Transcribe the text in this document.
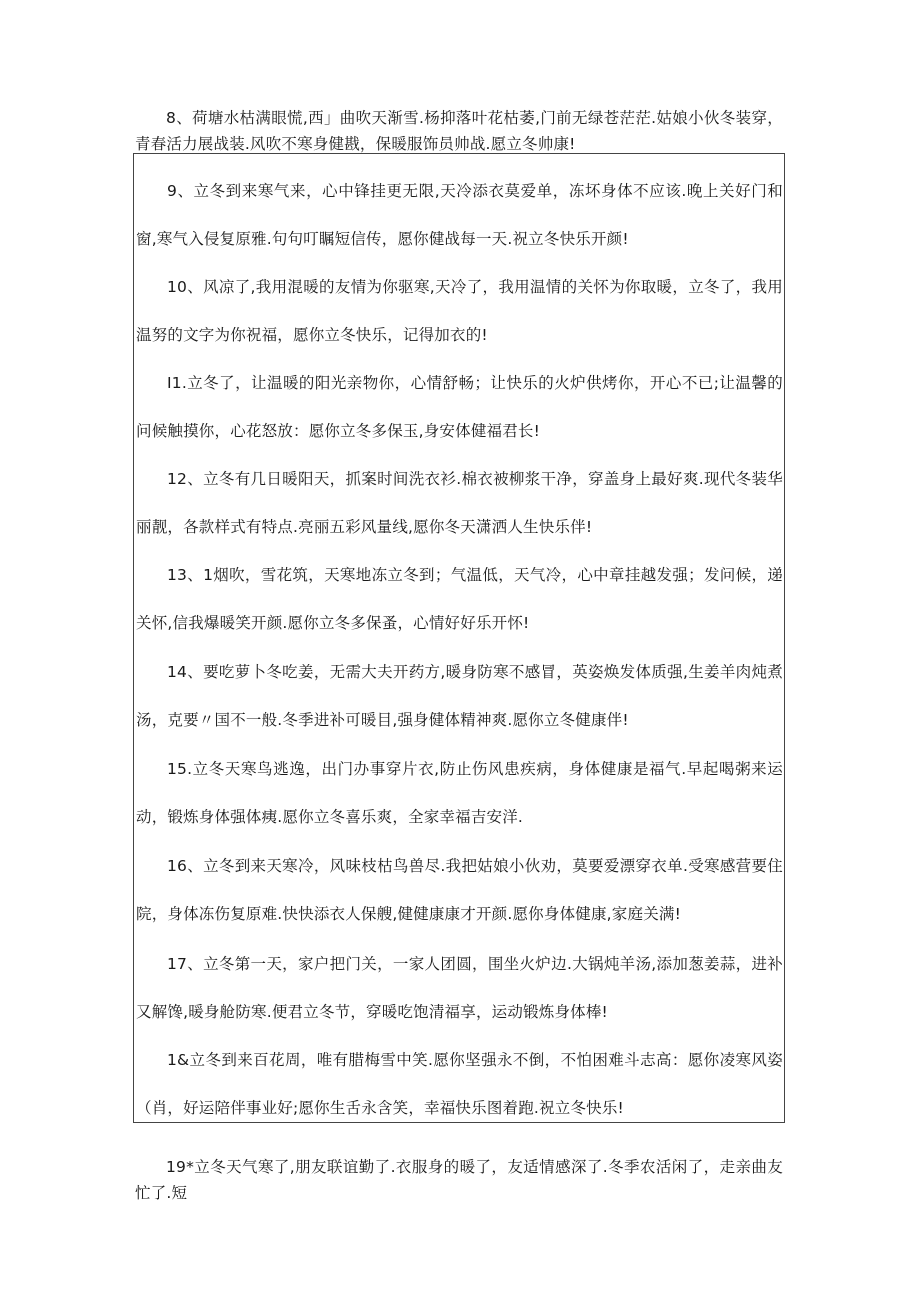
8、荷塘水枯满眼慌,西」曲吹天渐雪.杨抑落叶花枯萎,门前无绿苍茫茫.姑娘小伙冬装穿，青春活力展战装.风吹不寒身健戡，保暖服饰员帅战.愿立冬帅康!

9、立冬到来寒气来，心中锋挂更无限,天冷添衣莫爱单，冻坏身体不应该.晚上关好门和窗,寒气入侵复原雅.句句叮瞩短信传，愿你健战每一天.祝立冬快乐开颜!

10、风凉了,我用混暖的友情为你驱寒,天冷了，我用温情的关怀为你取暖，立冬了，我用温努的文字为你祝福，愿你立冬快乐，记得加衣的!

I1.立冬了，让温暖的阳光亲物你，心情舒畅；让快乐的火炉供烤你，开心不已;让温馨的问候触摸你，心花怒放：愿你立冬多保玉,身安体健福君长!

12、立冬有几日暖阳天，抓案时间洗衣衫.棉衣被柳浆干净，穿盖身上最好爽.现代冬装华丽靓，各款样式有特点.亮丽五彩风量线,愿你冬天潇洒人生快乐伴!

13、1烟吹，雪花筑，天寒地冻立冬到；气温低，天气冷，心中章挂越发强；发问候，递关怀,信我爆暖笑开颜.愿你立冬多保蚤，心情好好乐开怀!

14、要吃萝卜冬吃姜，无需大夫开药方,暖身防寒不感冒，英姿焕发体质强,生姜羊肉炖煮汤，克要〃国不一般.冬季进补可暖目,强身健体精神爽.愿你立冬健康伴!

15.立冬天寒鸟逃逸，出门办事穿片衣,防止伤风患疾病，身体健康是福气.早起喝粥来运动，锻炼身体强体痍.愿你立冬喜乐爽，全家幸福吉安洋.

16、立冬到来天寒冷，风味枝枯鸟兽尽.我把姑娘小伙劝，莫要爱漂穿衣单.受寒感营要住院，身体冻伤复原难.快快添衣人保艘,健健康康才开颜.愿你身体健康,家庭关满!

17、立冬第一天，家户把门关，一家人团圆，围坐火炉边.大锅炖羊汤,添加葱姜蒜，进补又解馋,暖身舱防寒.便君立冬节，穿暖吃饱清福享，运动锻炼身体棒!

1&立冬到来百花周，唯有腊梅雪中笑.愿你坚强永不倒，不怕困难斗志高：愿你凌寒风姿（肖，好运陪伴事业好;愿你生舌永含笑，幸福快乐图着跑.祝立冬快乐!

19*立冬天气寒了,朋友联谊勤了.衣服身的暖了，友适情感深了.冬季农活闲了，走亲曲友忙了.短
